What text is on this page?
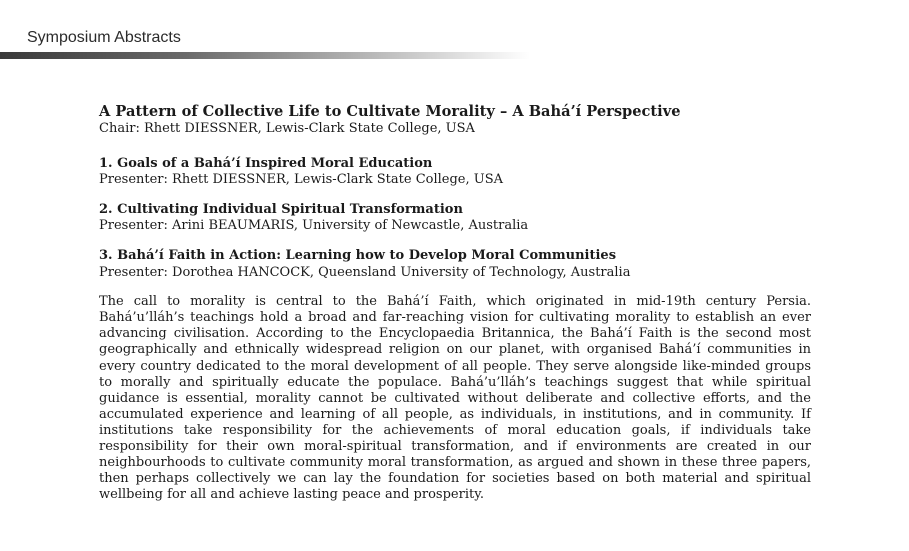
Symposium Abstracts

A Pattern of Collective Life to Cultivate Morality – A Bahá’í Perspective

Chair: Rhett DIESSNER, Lewis-Clark State College, USA

1. Goals of a Bahá’í Inspired Moral Education

Presenter: Rhett DIESSNER, Lewis-Clark State College, USA

2. Cultivating Individual Spiritual Transformation

Presenter: Arini BEAUMARIS, University of Newcastle, Australia

3. Bahá’í Faith in Action: Learning how to Develop Moral Communities

Presenter: Dorothea HANCOCK, Queensland University of Technology, Australia

The call to morality is central to the Bahá’í Faith, which originated in mid-19th century Persia. Bahá’u’lláh’s teachings hold a broad and far-reaching vision for cultivating morality to establish an ever advancing civilisation. According to the Encyclopaedia Britannica, the Bahá’í Faith is the second most geographically and ethnically widespread religion on our planet, with organised Bahá’í communities in every country dedicated to the moral development of all people. They serve alongside like-minded groups to morally and spiritually educate the populace. Bahá’u’lláh’s teachings suggest that while spiritual guidance is essential, morality cannot be cultivated without deliberate and collective efforts, and the accumulated experience and learning of all people, as individuals, in institutions, and in community. If institutions take responsibility for the achievements of moral education goals, if individuals take responsibility for their own moral-spiritual transformation, and if environments are created in our neighbourhoods to cultivate community moral transformation, as argued and shown in these three papers, then perhaps collectively we can lay the foundation for societies based on both material and spiritual wellbeing for all and achieve lasting peace and prosperity.
